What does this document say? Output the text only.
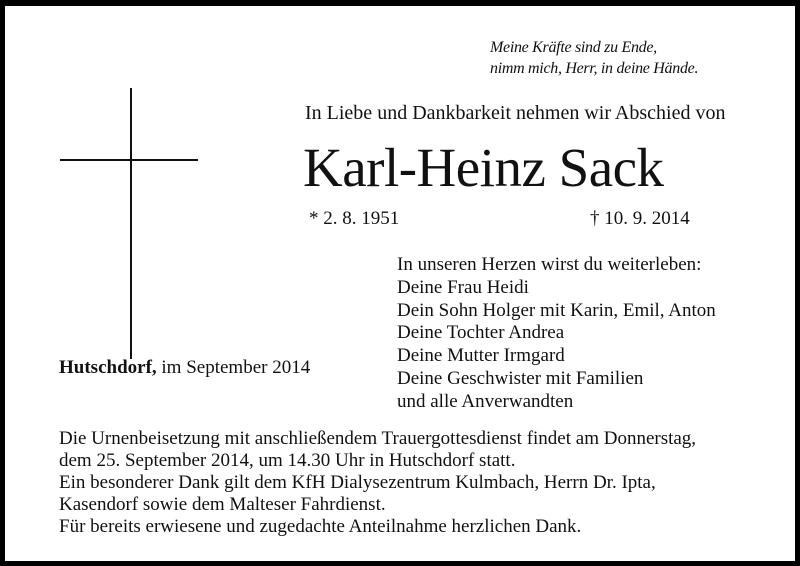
Meine Kräfte sind zu Ende,
nimm mich, Herr, in deine Hände.
In Liebe und Dankbarkeit nehmen wir Abschied von
Karl-Heinz Sack
* 2. 8. 1951	† 10. 9. 2014
In unseren Herzen wirst du weiterleben:
Deine Frau Heidi
Dein Sohn Holger mit Karin, Emil, Anton
Deine Tochter Andrea
Deine Mutter Irmgard
Deine Geschwister mit Familien
und alle Anverwandten
Hutschdorf, im September 2014
Die Urnenbeisetzung mit anschließendem Trauergottesdienst findet am Donnerstag,
dem 25. September 2014, um 14.30 Uhr in Hutschdorf statt.
Ein besonderer Dank gilt dem KfH Dialysezentrum Kulmbach, Herrn Dr. Ipta,
Kasendorf sowie dem Malteser Fahrdienst.
Für bereits erwiesene und zugedachte Anteilnahme herzlichen Dank.
